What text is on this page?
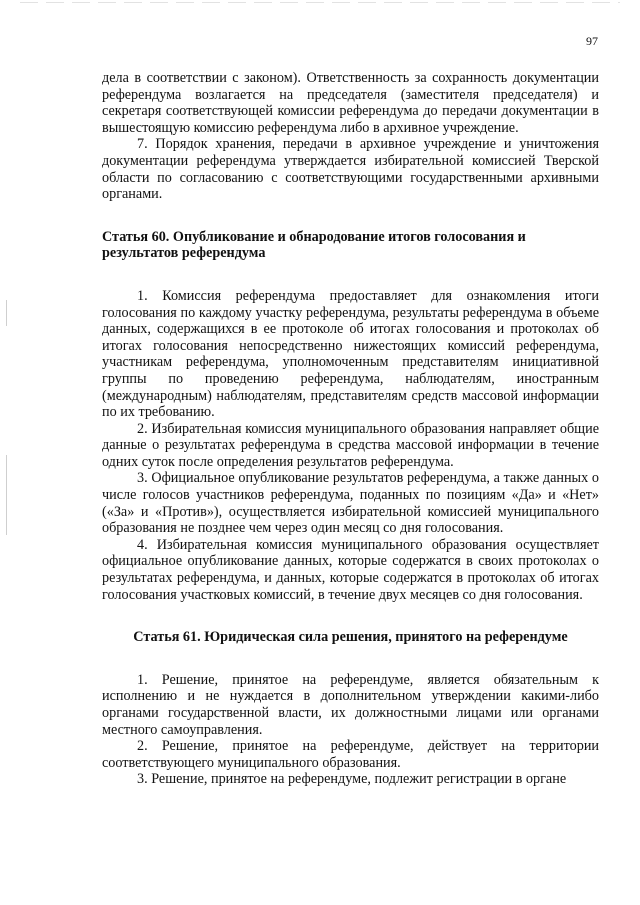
97

дела в соответствии с законом). Ответственность за сохранность документации референдума возлагается на председателя (заместителя председателя) и секретаря соответствующей комиссии референдума до передачи документации в вышестоящую комиссию референдума либо в архивное учреждение.

7. Порядок хранения, передачи в архивное учреждение и уничтожения документации референдума утверждается избирательной комиссией Тверской области по согласованию с соответствующими государственными архивными органами.

Статья 60. Опубликование и обнародование итогов голосования и результатов референдума

1. Комиссия референдума предоставляет для ознакомления итоги голосования по каждому участку референдума, результаты референдума в объеме данных, содержащихся в ее протоколе об итогах голосования и протоколах об итогах голосования непосредственно нижестоящих комиссий референдума, участникам референдума, уполномоченным представителям инициативной группы по проведению референдума, наблюдателям, иностранным (международным) наблюдателям, представителям средств массовой информации по их требованию.

2. Избирательная комиссия муниципального образования направляет общие данные о результатах референдума в средства массовой информации в течение одних суток после определения результатов референдума.

3. Официальное опубликование результатов референдума, а также данных о числе голосов участников референдума, поданных по позициям «Да» и «Нет» («За» и «Против»), осуществляется избирательной комиссией муниципального образования не позднее чем через один месяц со дня голосования.

4. Избирательная комиссия муниципального образования осуществляет официальное опубликование данных, которые содержатся в своих протоколах о результатах референдума, и данных, которые содержатся в протоколах об итогах голосования участковых комиссий, в течение двух месяцев со дня голосования.

Статья 61. Юридическая сила решения, принятого на референдуме

1. Решение, принятое на референдуме, является обязательным к исполнению и не нуждается в дополнительном утверждении какими-либо органами государственной власти, их должностными лицами или органами местного самоуправления.

2. Решение, принятое на референдуме, действует на территории соответствующего муниципального образования.

3. Решение, принятое на референдуме, подлежит регистрации в органе
